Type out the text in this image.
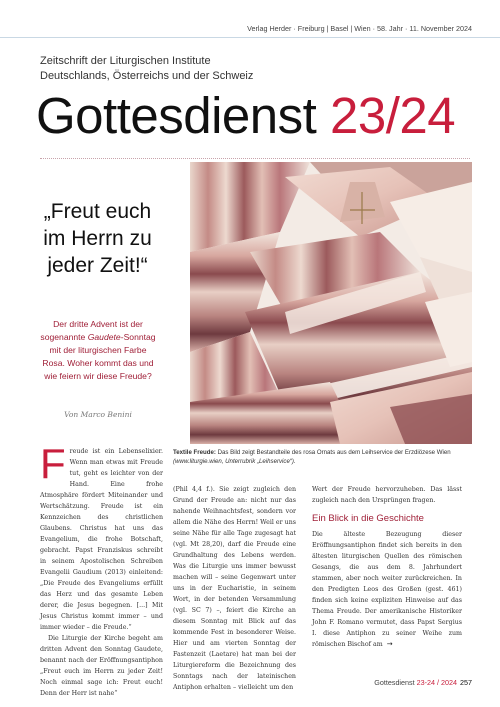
Verlag Herder · Freiburg | Basel | Wien · 58. Jahr · 11. November 2024
Zeitschrift der Liturgischen Institute
Deutschlands, Österreichs und der Schweiz
Gottesdienst 23/24
„Freut euch im Herrn zu jeder Zeit!“
Der dritte Advent ist der sogenannte Gaudete-Sonntag mit der liturgischen Farbe Rosa. Woher kommt das und wie feiern wir diese Freude?
Von Marco Benini
Textile Freude: Das Bild zeigt Bestandteile des rosa Ornats aus dem Leihservice der Erzdiözese Wien (www.liturgie.wien, Unterrubrik „Leihservice“).

Freude ist ein Lebenselixier. Wenn man etwas mit Freude tut, geht es leichter von der Hand. Eine frohe Atmosphäre fördert Miteinander und Wertschätzung. Freude ist ein Kennzeichen des christlichen Glaubens. Christus hat uns das Evangelium, die frohe Botschaft, gebracht. Papst Franziskus schreibt in seinem Apostolischen Schreiben Evangelii Gaudium (2013) einleitend: „Die Freude des Evangeliums erfüllt das Herz und das gesamte Leben derer, die Jesus begegnen. [...] Mit Jesus Christus kommt immer – und immer wieder – die Freude.“

Die Liturgie der Kirche begeht am dritten Advent den Sonntag Gaudete, benannt nach der Eröffnungsantiphon „Freut euch im Herrn zu jeder Zeit! Noch einmal sage ich: Freut euch! Denn der Herr ist nahe“

(Phil 4,4 f.). Sie zeigt zugleich den Grund der Freude an: nicht nur das nahende Weihnachtsfest, sondern vor allem die Nähe des Herrn! Weil er uns seine Nähe für alle Tage zugesagt hat (vgl. Mt 28,20), darf die Freude eine Grundhaltung des Lebens werden. Was die Liturgie uns immer bewusst machen will – seine Gegenwart unter uns in der Eucharistie, in seinem Wort, in der betenden Versammlung (vgl. SC 7) –, feiert die Kirche an diesem Sonntag mit Blick auf das kommende Fest in besonderer Weise. Hier und am vierten Sonntag der Fastenzeit (Laetare) hat man bei der Liturgiereform die Bezeichnung des Sonntags nach der lateinischen Antiphon erhalten – vielleicht um den

Wert der Freude hervorzuheben. Das lässt zugleich nach den Ursprüngen fragen.

Ein Blick in die Geschichte

Die älteste Bezeugung dieser Eröffnungsantiphon findet sich bereits in den ältesten liturgischen Quellen des römischen Gesangs, die aus dem 8. Jahrhundert stammen, aber noch weiter zurückreichen. In den Predigten Leos des Großen (gest. 461) finden sich keine expliziten Hinweise auf das Thema Freude. Der amerikanische Historiker John F. Romano vermutet, dass Papst Sergius I. diese Antiphon zu seiner Weihe zum römischen Bischof am →

Gottesdienst 23-24 / 2024 257
